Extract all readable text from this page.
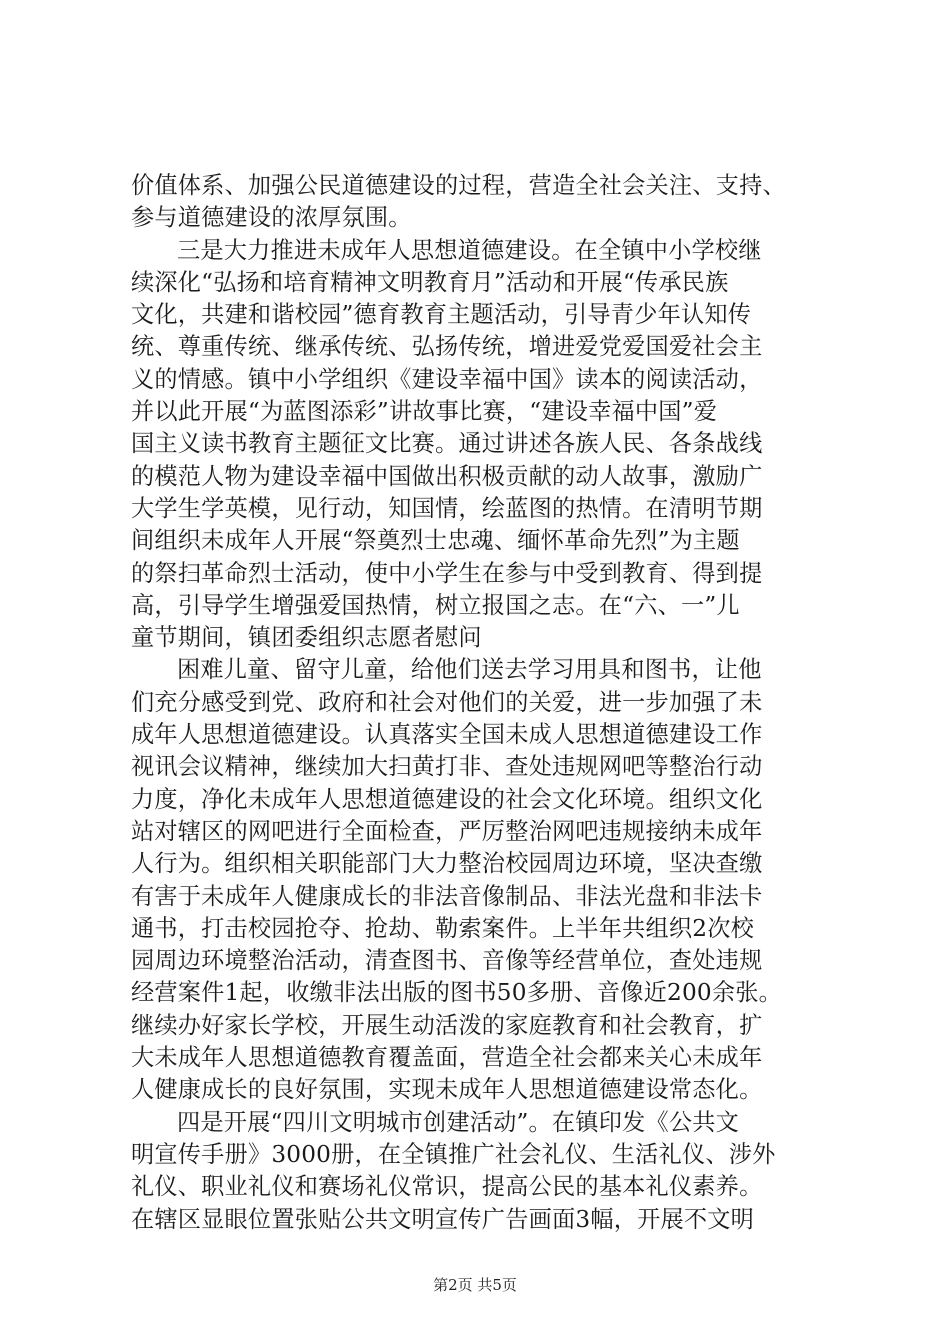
价值体系、加强公民道德建设的过程，营造全社会关注、支持、
参与道德建设的浓厚氛围。
三是大力推进未成年人思想道德建设。在全镇中小学校继
续深化“弘扬和培育精神文明教育月”活动和开展“传承民族
文化，共建和谐校园”德育教育主题活动，引导青少年认知传
统、尊重传统、继承传统、弘扬传统，增进爱党爱国爱社会主
义的情感。镇中小学组织《建设幸福中国》读本的阅读活动，
并以此开展“为蓝图添彩”讲故事比赛，“建设幸福中国”爱
国主义读书教育主题征文比赛。通过讲述各族人民、各条战线
的模范人物为建设幸福中国做出积极贡献的动人故事，激励广
大学生学英模，见行动，知国情，绘蓝图的热情。在清明节期
间组织未成年人开展“祭奠烈士忠魂、缅怀革命先烈”为主题
的祭扫革命烈士活动，使中小学生在参与中受到教育、得到提
高，引导学生增强爱国热情，树立报国之志。在“六、一”儿
童节期间，镇团委组织志愿者慰问
困难儿童、留守儿童，给他们送去学习用具和图书，让他
们充分感受到党、政府和社会对他们的关爱，进一步加强了未
成年人思想道德建设。认真落实全国未成人思想道德建设工作
视讯会议精神，继续加大扫黄打非、查处违规网吧等整治行动
力度，净化未成年人思想道德建设的社会文化环境。组织文化
站对辖区的网吧进行全面检查，严厉整治网吧违规接纳未成年
人行为。组织相关职能部门大力整治校园周边环境，坚决查缴
有害于未成年人健康成长的非法音像制品、非法光盘和非法卡
通书，打击校园抢夺、抢劫、勒索案件。上半年共组织2次校
园周边环境整治活动，清查图书、音像等经营单位，查处违规
经营案件1起，收缴非法出版的图书50多册、音像近200余张。
继续办好家长学校，开展生动活泼的家庭教育和社会教育，扩
大未成年人思想道德教育覆盖面，营造全社会都来关心未成年
人健康成长的良好氛围，实现未成年人思想道德建设常态化。
四是开展“四川文明城市创建活动”。在镇印发《公共文
明宣传手册》3000册，在全镇推广社会礼仪、生活礼仪、涉外
礼仪、职业礼仪和赛场礼仪常识，提高公民的基本礼仪素养。
在辖区显眼位置张贴公共文明宣传广告画面3幅，开展不文明
第2页 共5页
